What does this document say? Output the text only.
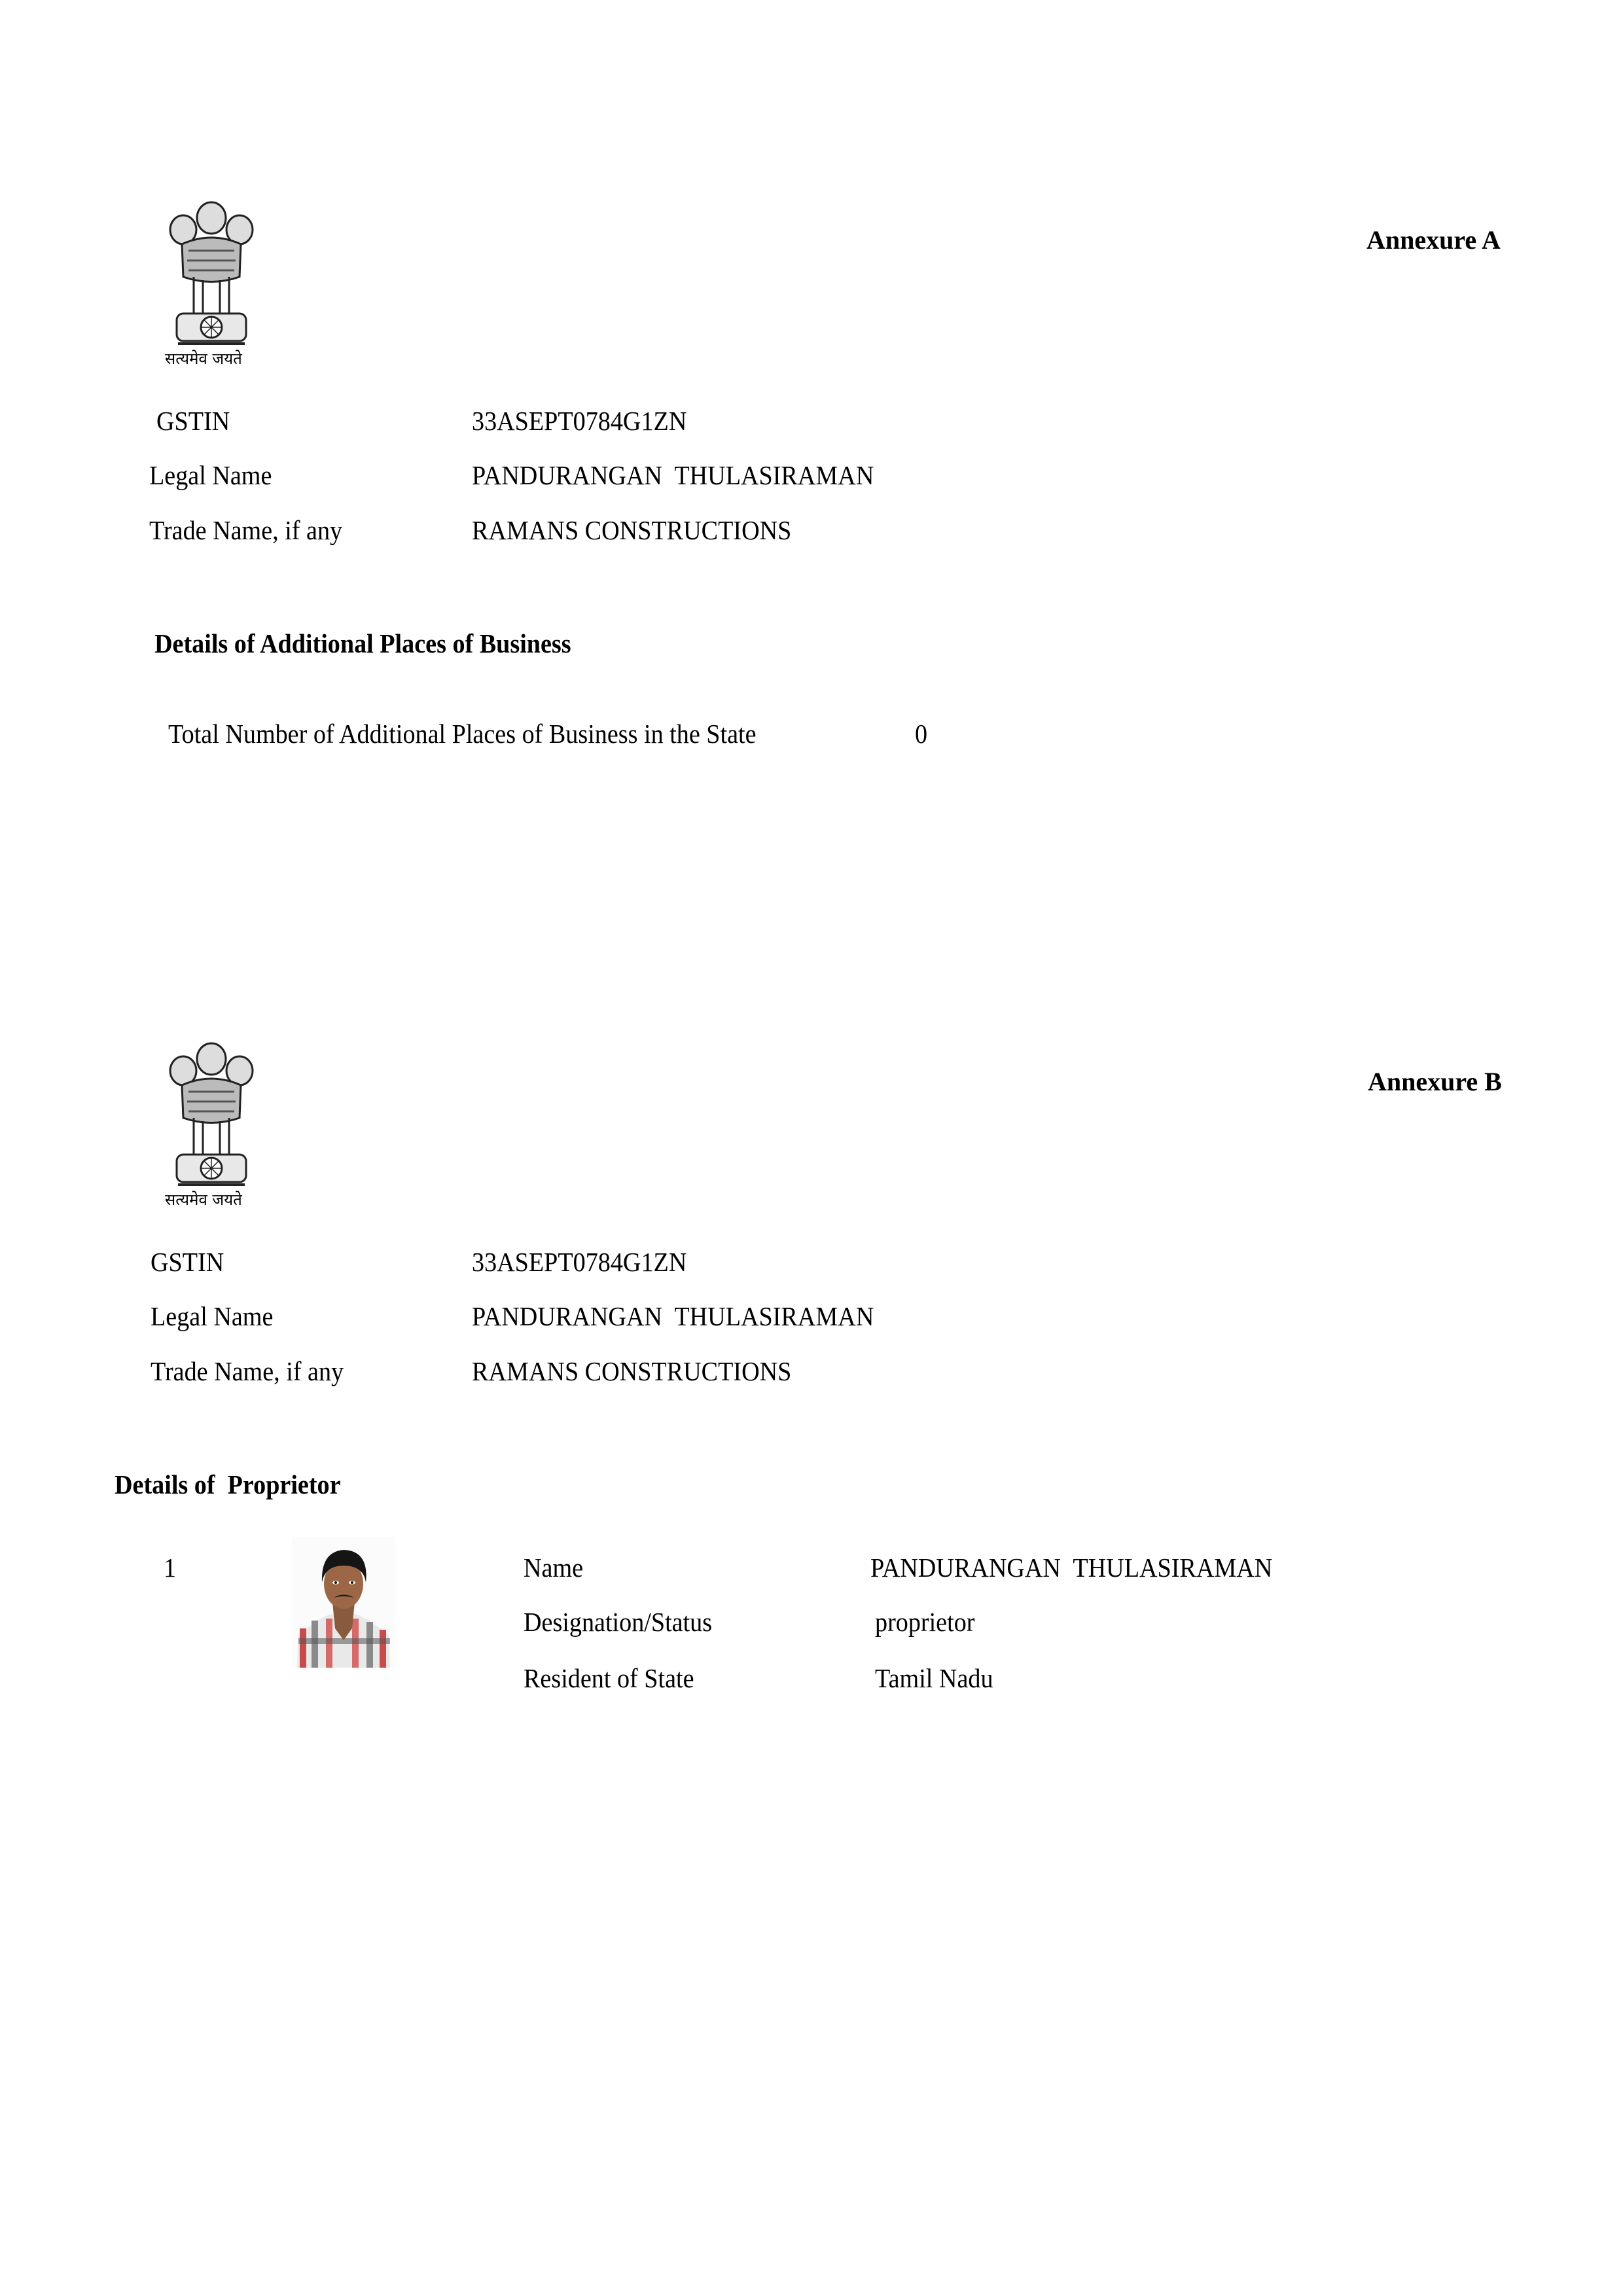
सत्यमेव जयते
Annexure A
GSTIN	33ASEPT0784G1ZN
Legal Name	PANDURANGAN  THULASIRAMAN
Trade Name, if any	RAMANS CONSTRUCTIONS
Details of Additional Places of Business
Total Number of Additional Places of Business in the State	0
सत्यमेव जयते
Annexure B
GSTIN	33ASEPT0784G1ZN
Legal Name	PANDURANGAN  THULASIRAMAN
Trade Name, if any	RAMANS CONSTRUCTIONS
Details of  Proprietor
1	Name	PANDURANGAN  THULASIRAMAN
Designation/Status	proprietor
Resident of State	Tamil Nadu
